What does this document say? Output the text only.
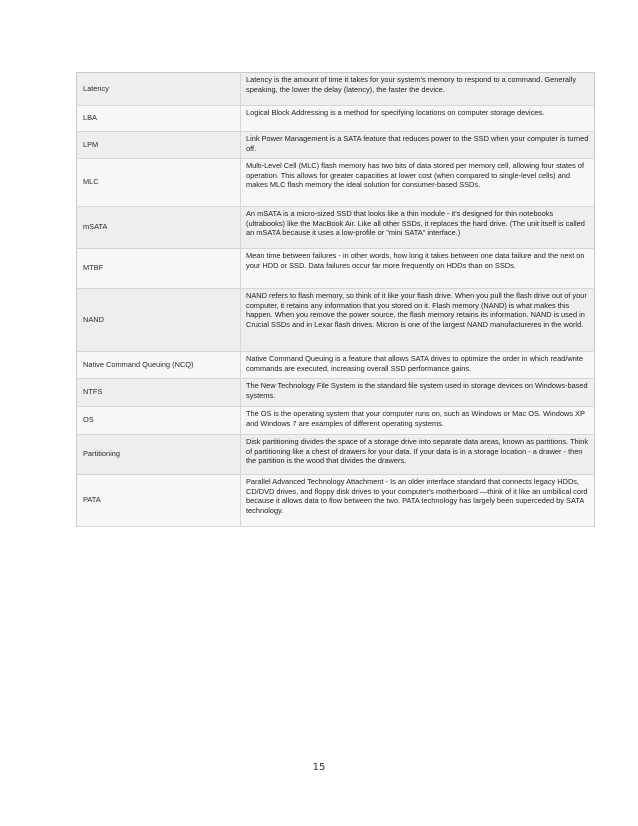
Latency	Latency is the amount of time it takes for your system's memory to respond to a command. Generally speaking, the lower the delay (latency), the faster the device.
LBA	Logical Block Addressing is a method for specifying locations on computer storage devices.
LPM	Link Power Management is a SATA feature that reduces power to the SSD when your computer is turned off.
MLC	Multi-Level Cell (MLC) flash memory has two bits of data stored per memory cell, allowing four states of operation. This allows for greater capacities at lower cost (when compared to single-level cells) and makes MLC flash memory the ideal solution for consumer-based SSDs.
mSATA	An mSATA is a micro-sized SSD that looks like a thin module - it's designed for thin notebooks (ultrabooks) like the MacBook Air. Like all other SSDs, it replaces the hard drive. (The unit itself is called an mSATA because it uses a low-profile or "mini SATA" interface.)
MTBF	Mean time between failures - in other words, how long it takes between one data failure and the next on your HDD or SSD. Data failures occur far more frequently on HDDs than on SSDs.
NAND	NAND refers to flash memory, so think of it like your flash drive. When you pull the flash drive out of your computer, it retains any information that you stored on it. Flash memory (NAND) is what makes this happen. When you remove the power source, the flash memory retains its information. NAND is used in Crucial SSDs and in Lexar flash drives. Micron is one of the largest NAND manufactureres in the world.
Native Command Queuing (NCQ)	Native Command Queuing is a feature that allows SATA drives to optimize the order in which read/write commands are executed, increasing overall SSD performance gains.
NTFS	The New Technology File System is the standard file system used in storage devices on Windows-based systems.
OS	The OS is the operating system that your computer runs on, such as Windows or Mac OS. Windows XP and Windows 7 are examples of different operating systems.
Partitioning	Disk partitioning divides the space of a storage drive into separate data areas, known as partitions. Think of partitioning like a chest of drawers for your data. If your data is in a storage location - a drawer - then the partition is the wood that divides the drawers.
PATA	Parallel Advanced Technology Attachment - Is an older interface standard that connects legacy HDDs, CD/DVD drives, and floppy disk drives to your computer's motherboard —think of it like an umbilical cord because it allows data to flow between the two. PATA technology has largely been superceded by SATA technology.
15
